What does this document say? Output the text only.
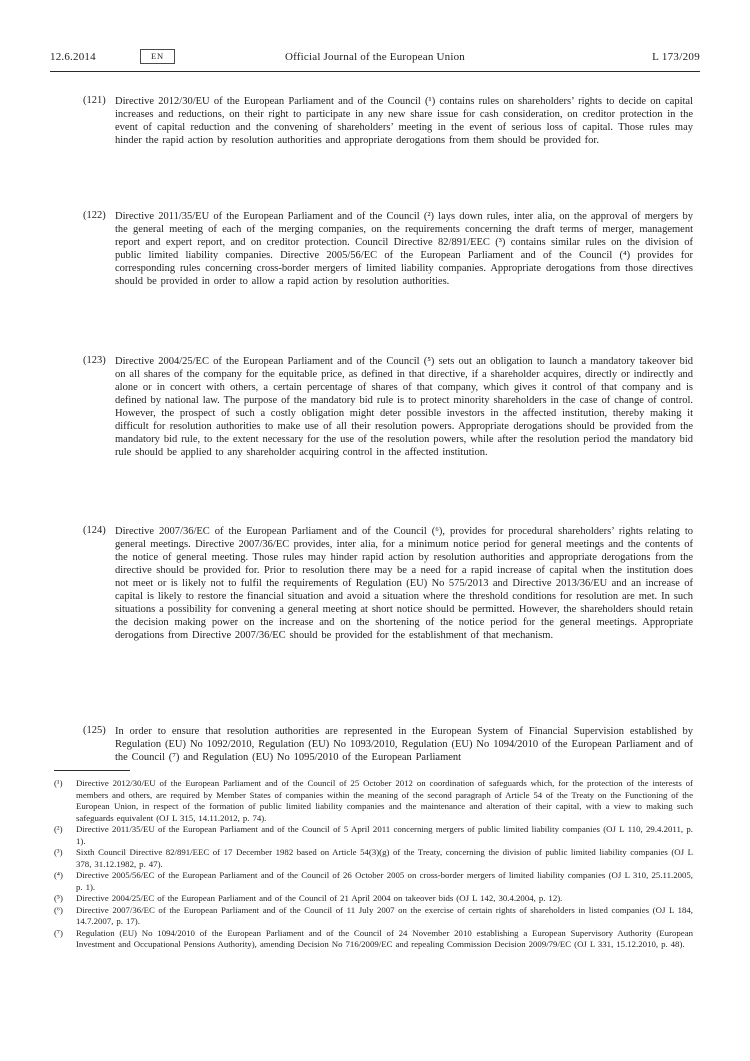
12.6.2014	EN	Official Journal of the European Union	L 173/209
(121) Directive 2012/30/EU of the European Parliament and of the Council (¹) contains rules on shareholders’ rights to decide on capital increases and reductions, on their right to participate in any new share issue for cash consideration, on creditor protection in the event of capital reduction and the convening of shareholders’ meeting in the event of serious loss of capital. Those rules may hinder the rapid action by resolution authorities and appropriate derogations from them should be provided for.
(122) Directive 2011/35/EU of the European Parliament and of the Council (²) lays down rules, inter alia, on the approval of mergers by the general meeting of each of the merging companies, on the requirements concerning the draft terms of merger, management report and expert report, and on creditor protection. Council Directive 82/891/EEC (³) contains similar rules on the division of public limited liability companies. Directive 2005/56/EC of the European Parliament and of the Council (⁴) provides for corresponding rules concerning cross-border mergers of limited liability companies. Appropriate derogations from those directives should be provided in order to allow a rapid action by resolution authorities.
(123) Directive 2004/25/EC of the European Parliament and of the Council (⁵) sets out an obligation to launch a mandatory takeover bid on all shares of the company for the equitable price, as defined in that directive, if a shareholder acquires, directly or indirectly and alone or in concert with others, a certain percentage of shares of that company, which gives it control of that company and is defined by national law. The purpose of the mandatory bid rule is to protect minority shareholders in the case of change of control. However, the prospect of such a costly obligation might deter possible investors in the affected institution, thereby making it difficult for resolution authorities to make use of all their resolution powers. Appropriate derogations should be provided from the mandatory bid rule, to the extent necessary for the use of the resolution powers, while after the resolution period the mandatory bid rule should be applied to any shareholder acquiring control in the affected institution.
(124) Directive 2007/36/EC of the European Parliament and of the Council (⁶), provides for procedural shareholders’ rights relating to general meetings. Directive 2007/36/EC provides, inter alia, for a minimum notice period for general meetings and the contents of the notice of general meeting. Those rules may hinder rapid action by resolution authorities and appropriate derogations from the directive should be provided for. Prior to resolution there may be a need for a rapid increase of capital when the institution does not meet or is likely not to fulfil the requirements of Regulation (EU) No 575/2013 and Directive 2013/36/EU and an increase of capital is likely to restore the financial situation and avoid a situation where the threshold conditions for resolution are met. In such situations a possibility for convening a general meeting at short notice should be permitted. However, the shareholders should retain the decision making power on the increase and on the shortening of the notice period for the general meetings. Appropriate derogations from Directive 2007/36/EC should be provided for the establishment of that mechanism.
(125) In order to ensure that resolution authorities are represented in the European System of Financial Supervision established by Regulation (EU) No 1092/2010, Regulation (EU) No 1093/2010, Regulation (EU) No 1094/2010 of the European Parliament and of the Council (⁷) and Regulation (EU) No 1095/2010 of the European Parliament
(¹) Directive 2012/30/EU of the European Parliament and of the Council of 25 October 2012 on coordination of safeguards which, for the protection of the interests of members and others, are required by Member States of companies within the meaning of the second paragraph of Article 54 of the Treaty on the Functioning of the European Union, in respect of the formation of public limited liability companies and the maintenance and alteration of their capital, with a view to making such safeguards equivalent (OJ L 315, 14.11.2012, p. 74).
(²) Directive 2011/35/EU of the European Parliament and of the Council of 5 April 2011 concerning mergers of public limited liability companies (OJ L 110, 29.4.2011, p. 1).
(³) Sixth Council Directive 82/891/EEC of 17 December 1982 based on Article 54(3)(g) of the Treaty, concerning the division of public limited liability companies (OJ L 378, 31.12.1982, p. 47).
(⁴) Directive 2005/56/EC of the European Parliament and of the Council of 26 October 2005 on cross-border mergers of limited liability companies (OJ L 310, 25.11.2005, p. 1).
(⁵) Directive 2004/25/EC of the European Parliament and of the Council of 21 April 2004 on takeover bids (OJ L 142, 30.4.2004, p. 12).
(⁶) Directive 2007/36/EC of the European Parliament and of the Council of 11 July 2007 on the exercise of certain rights of shareholders in listed companies (OJ L 184, 14.7.2007, p. 17).
(⁷) Regulation (EU) No 1094/2010 of the European Parliament and of the Council of 24 November 2010 establishing a European Supervisory Authority (European Investment and Occupational Pensions Authority), amending Decision No 716/2009/EC and repealing Commission Decision 2009/79/EC (OJ L 331, 15.12.2010, p. 48).
